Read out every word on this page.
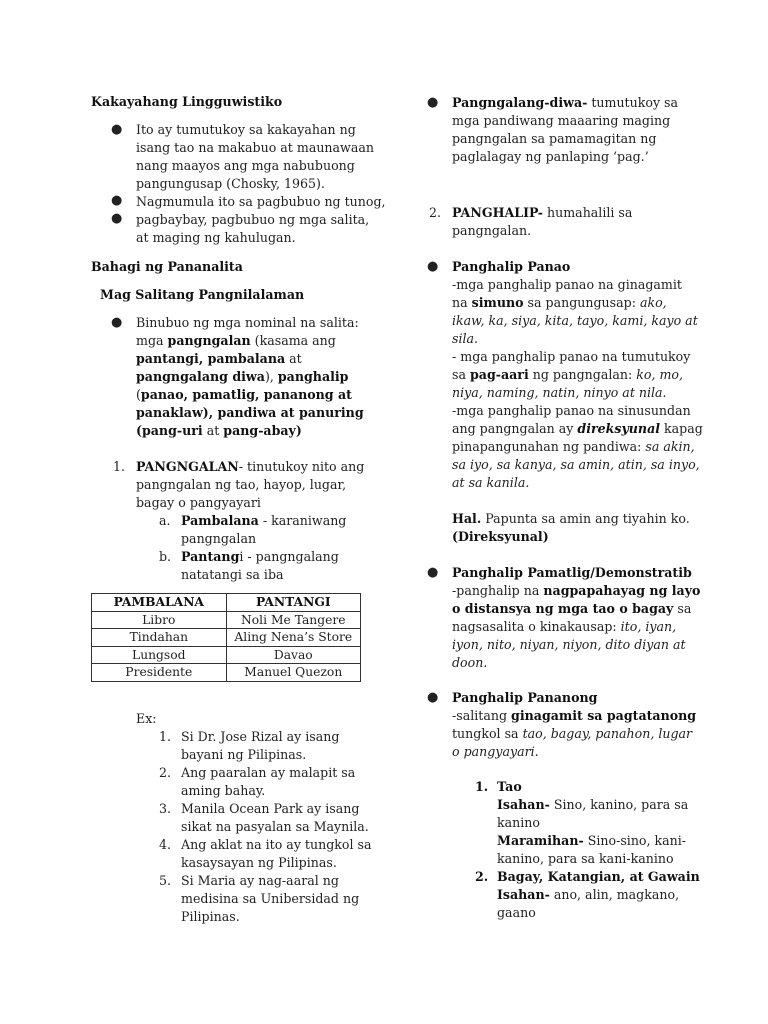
Kakayahang Lingguwistiko
● Ito ay tumutukoy sa kakayahan ng
isang tao na makabuo at maunawaan
nang maayos ang mga nabubuong
pangungusap (Chosky, 1965).
● Nagmumula ito sa pagbubuo ng tunog,
● pagbaybay, pagbubuo ng mga salita,
at maging ng kahulugan.
Bahagi ng Pananalita
Mag Salitang Pangnilalaman
● Binubuo ng mga nominal na salita:
mga pangngalan (kasama ang
pantangi, pambalana at
pangngalang diwa), panghalip
(panao, pamatlig, pananong at
panaklaw), pandiwa at panuring
(pang-uri at pang-abay)
1. PANGNGALAN- tinutukoy nito ang
pangngalan ng tao, hayop, lugar,
bagay o pangyayari
a. Pambalana - karaniwang
pangngalan
b. Pantangi - pangngalang
natatangi sa iba
PAMBALANA	PANTANGI
Libro	Noli Me Tangere
Tindahan	Aling Nena’s Store
Lungsod	Davao
Presidente	Manuel Quezon
Ex:
1. Si Dr. Jose Rizal ay isang
bayani ng Pilipinas.
2. Ang paaralan ay malapit sa
aming bahay.
3. Manila Ocean Park ay isang
sikat na pasyalan sa Maynila.
4. Ang aklat na ito ay tungkol sa
kasaysayan ng Pilipinas.
5. Si Maria ay nag-aaral ng
medisina sa Unibersidad ng
Pilipinas.
● Pangngalang-diwa- tumutukoy sa
mga pandiwang maaaring maging
pangngalan sa pamamagitan ng
paglalagay ng panlaping ‘pag.’
2. PANGHALIP- humahalili sa
pangngalan.
● Panghalip Panao
-mga panghalip panao na ginagamit
na simuno sa pangungusap: ako,
ikaw, ka, siya, kita, tayo, kami, kayo at
sila.
- mga panghalip panao na tumutukoy
sa pag-aari ng pangngalan: ko, mo,
niya, naming, natin, ninyo at nila.
-mga panghalip panao na sinusundan
ang pangngalan ay direksyunal kapag
pinapangunahan ng pandiwa: sa akin,
sa iyo, sa kanya, sa amin, atin, sa inyo,
at sa kanila.
Hal. Papunta sa amin ang tiyahin ko.
(Direksyunal)
● Panghalip Pamatlig/Demonstratib
-panghalip na nagpapahayag ng layo
o distansya ng mga tao o bagay sa
nagsasalita o kinakausap: ito, iyan,
iyon, nito, niyan, niyon, dito diyan at
doon.
● Panghalip Pananong
-salitang ginagamit sa pagtatanong
tungkol sa tao, bagay, panahon, lugar
o pangyayari.
1. Tao
Isahan- Sino, kanino, para sa
kanino
Maramihan- Sino-sino, kani-
kanino, para sa kani-kanino
2. Bagay, Katangian, at Gawain
Isahan- ano, alin, magkano,
gaano
